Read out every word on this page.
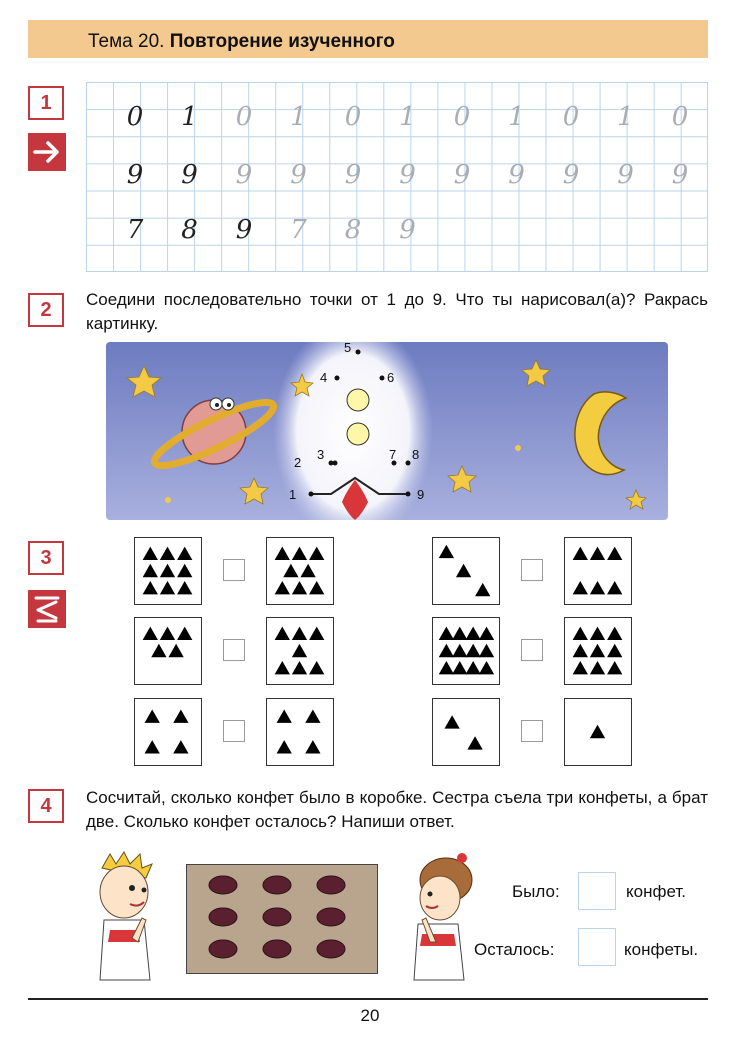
Тема 20. Повторение изученного
1	0 1 0 1 0 1 0 1 0 1 0
9 9 9 9 9 9 9 9 9 9 9
7 8 9 7 8 9
2	Соедини последовательно точки от 1 до 9. Что ты нарисовал(а)? Ракрась картинку.
1
2
3
4
5
6
7 8
9
3
4	Сосчитай, сколько конфет было в коробке. Сестра съела три конфеты, а брат две. Сколько конфет осталось? Напиши ответ.
Было:	конфет.
Осталось:	конфеты.
20
